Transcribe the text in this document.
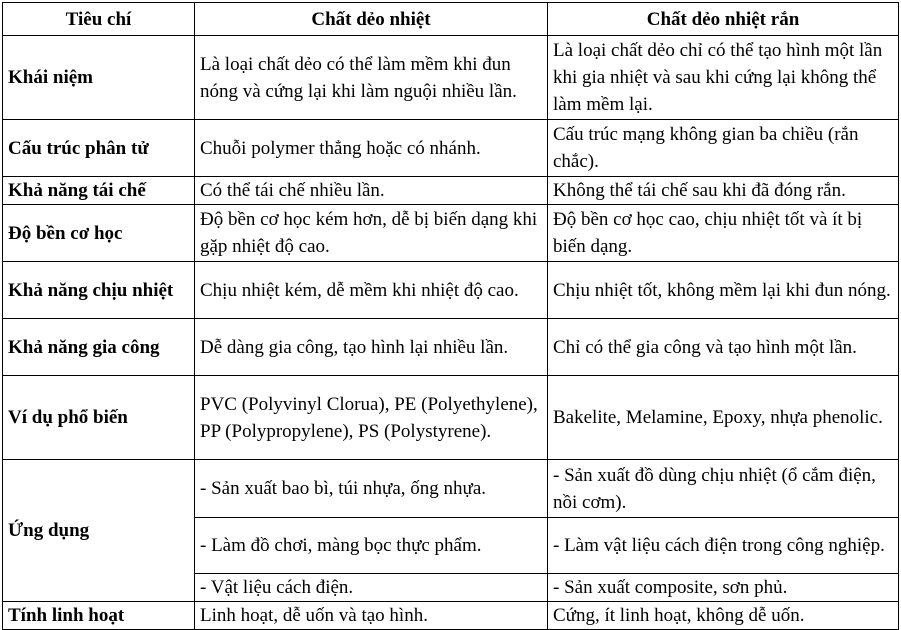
Tiêu chí	Chất dẻo nhiệt	Chất dẻo nhiệt rắn
Khái niệm	Là loại chất dẻo có thể làm mềm khi đun nóng và cứng lại khi làm nguội nhiều lần.	Là loại chất dẻo chỉ có thể tạo hình một lần khi gia nhiệt và sau khi cứng lại không thể làm mềm lại.
Cấu trúc phân tử	Chuỗi polymer thẳng hoặc có nhánh.	Cấu trúc mạng không gian ba chiều (rắn chắc).
Khả năng tái chế	Có thể tái chế nhiều lần.	Không thể tái chế sau khi đã đóng rắn.
Độ bền cơ học	Độ bền cơ học kém hơn, dễ bị biến dạng khi gặp nhiệt độ cao.	Độ bền cơ học cao, chịu nhiệt tốt và ít bị biến dạng.
Khả năng chịu nhiệt	Chịu nhiệt kém, dễ mềm khi nhiệt độ cao.	Chịu nhiệt tốt, không mềm lại khi đun nóng.
Khả năng gia công	Dễ dàng gia công, tạo hình lại nhiều lần.	Chỉ có thể gia công và tạo hình một lần.
Ví dụ phổ biến	PVC (Polyvinyl Clorua), PE (Polyethylene), PP (Polypropylene), PS (Polystyrene).	Bakelite, Melamine, Epoxy, nhựa phenolic.
Ứng dụng	- Sản xuất bao bì, túi nhựa, ống nhựa.	- Sản xuất đồ dùng chịu nhiệt (ổ cắm điện, nồi cơm).
	- Làm đồ chơi, màng bọc thực phẩm.	- Làm vật liệu cách điện trong công nghiệp.
	- Vật liệu cách điện.	- Sản xuất composite, sơn phủ.
Tính linh hoạt	Linh hoạt, dễ uốn và tạo hình.	Cứng, ít linh hoạt, không dễ uốn.
